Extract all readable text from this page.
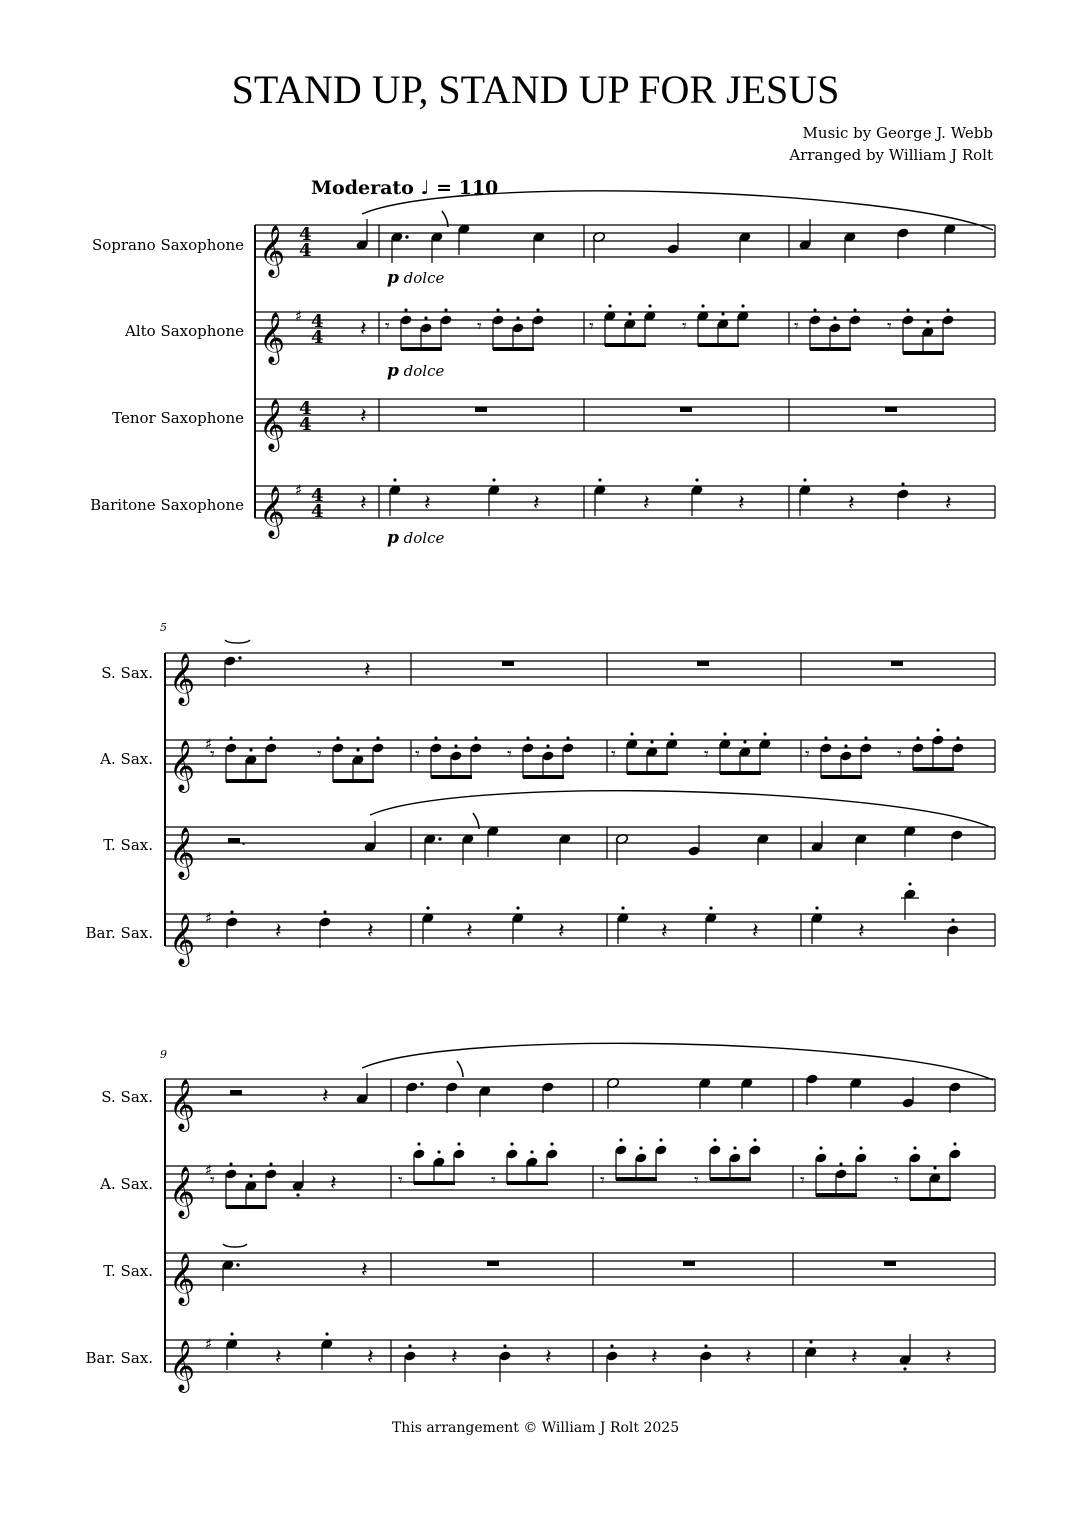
STAND UP, STAND UP FOR JESUS
Music by George J. Webb
Arranged by William J Rolt
Moderato ♩ = 110
Soprano Saxophone
Alto Saxophone
Tenor Saxophone
Baritone Saxophone
5
S. Sax.
A. Sax.
T. Sax.
Bar. Sax.
9
S. Sax.
A. Sax.
T. Sax.
Bar. Sax.
p dolce
p dolce
p dolce
𝄞 4
4
𝄞 ♯ 4
4
𝄞 4
4
𝄞 ♯ 4
4
𝄽 𝄾	𝄾	𝄾	𝄾	𝄾	𝄾
𝄽
𝄽	𝄽	𝄽	𝄽	𝄽	𝄽	𝄽
𝄞
𝄞 ♯
𝄞
𝄞 ♯
𝄽
𝄾	𝄾	𝄾	𝄾	𝄾	𝄾	𝄾	𝄾
.
𝄽	𝄽	𝄽	𝄽	𝄽	𝄽	𝄽
𝄞
𝄞 ♯
𝄞
𝄞 ♯
𝄽
𝄾	𝄽	𝄾	𝄾	𝄾	𝄾	𝄾	𝄾
𝄽
𝄽	𝄽	𝄽	𝄽	𝄽	𝄽	𝄽	𝄽
This arrangement © William J Rolt 2025
